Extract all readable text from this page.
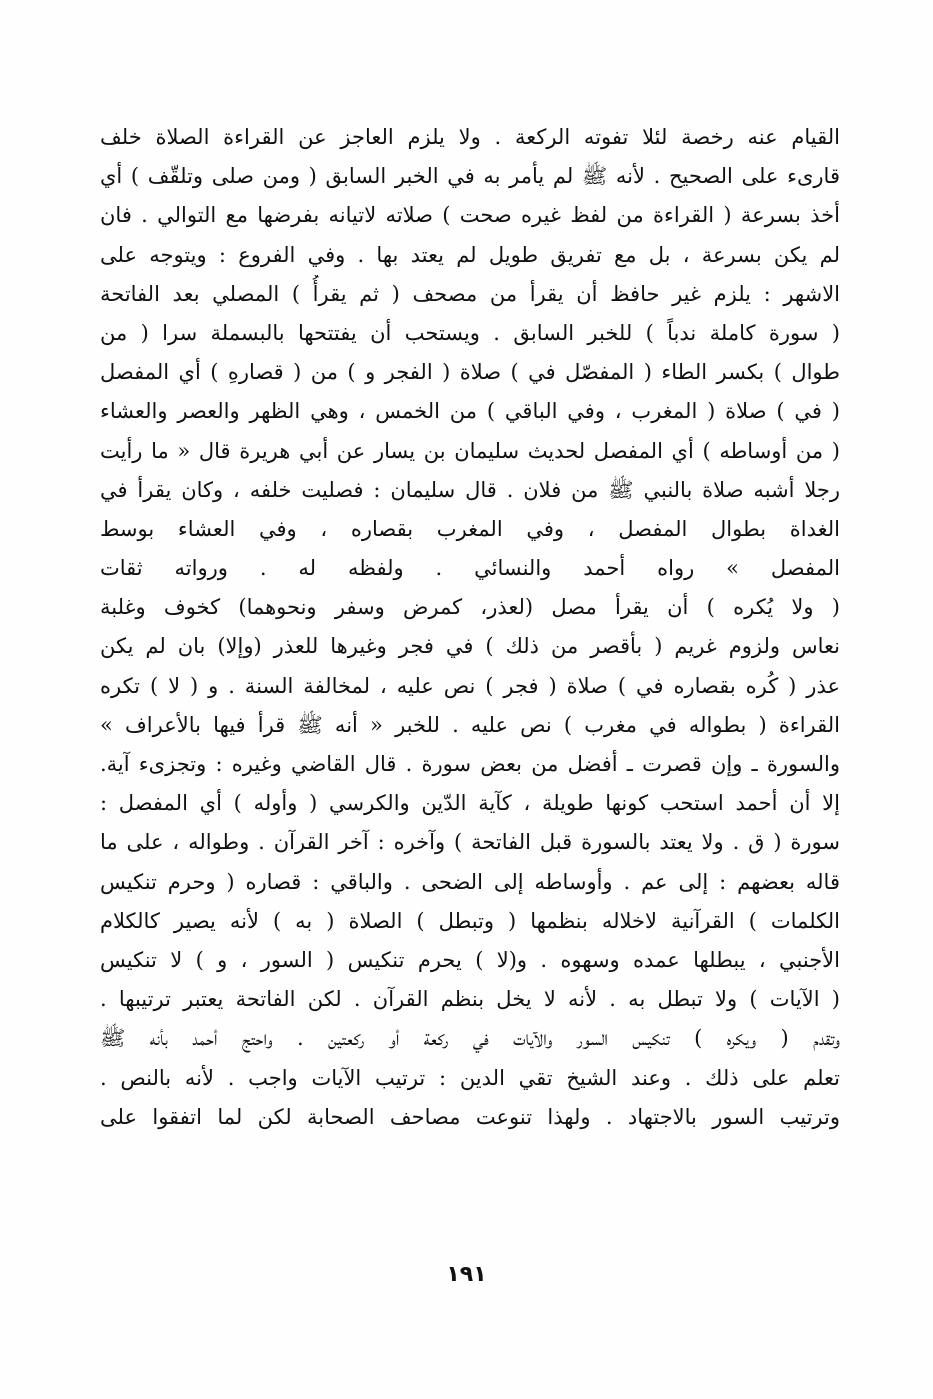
القيام عنه رخصة لئلا تفوته الركعة . ولا يلزم العاجز عن القراءة الصلاة خلف
قارىء على الصحيح . لأنه ﷺ لم يأمر به في الخبر السابق ( ومن صلى وتلقّف ) أي
أخذ بسرعة ( القراءة من لفظ غيره صحت ) صلاته لاتيانه بفرضها مع التوالي . فان
لم يكن بسرعة ، بل مع تفريق طويل لم يعتد بها . وفي الفروع : ويتوجه على
الاشهر : يلزم غير حافظ أن يقرأ من مصحف ( ثم يقرأُ ) المصلي بعد الفاتحة
( سورة كاملة ندباً ) للخبر السابق . ويستحب أن يفتتحها بالبسملة سرا ( من
طوال ) بكسر الطاء ( المفصّل في ) صلاة ( الفجر و ) من ( قصارهِ ) أي المفصل
( في ) صلاة ( المغرب ، وفي الباقي ) من الخمس ، وهي الظهر والعصر والعشاء
( من أوساطه ) أي المفصل لحديث سليمان بن يسار عن أبي هريرة قال « ما رأيت
رجلا أشبه صلاة بالنبي ﷺ من فلان . قال سليمان : فصليت خلفه ، وكان يقرأ في
الغداة بطوال المفصل ، وفي المغرب بقصاره ، وفي العشاء بوسط
المفصل » رواه أحمد والنسائي . ولفظه له . ورواته ثقات
( ولا يُكره ) أن يقرأ مصل (لعذر، كمرض وسفر ونحوهما) كخوف وغلبة
نعاس ولزوم غريم ( بأقصر من ذلك ) في فجر وغيرها للعذر (وإلا) بان لم يكن
عذر ( كُره بقصاره في ) صلاة ( فجر ) نص عليه ، لمخالفة السنة . و ( لا ) تكره
القراءة ( بطواله في مغرب ) نص عليه . للخبر « أنه ﷺ قرأ فيها بالأعراف »
والسورة ـ وإن قصرت ـ أفضل من بعض سورة . قال القاضي وغيره : وتجزىء آية.
إلا أن أحمد استحب كونها طويلة ، كآية الدّين والكرسي ( وأوله ) أي المفصل :
سورة ( ق . ولا يعتد بالسورة قبل الفاتحة ) وآخره : آخر القرآن . وطواله ، على ما
قاله بعضهم : إلى عم . وأوساطه إلى الضحى . والباقي : قصاره ( وحرم تنكيس
الكلمات ) القرآنية لاخلاله بنظمها ( وتبطل ) الصلاة ( به ) لأنه يصير كالكلام
الأجنبي ، يبطلها عمده وسهوه . و(لا ) يحرم تنكيس ( السور ، و ) لا تنكيس
( الآيات ) ولا تبطل به . لأنه لا يخل بنظم القرآن . لكن الفاتحة يعتبر ترتيبها .
وتقدم ( ويكره ) تنكيس السور والآيات في ركعة أو ركعتين . واحتج أحمد بأنه ﷺ
تعلم على ذلك . وعند الشيخ تقي الدين : ترتيب الآيات واجب . لأنه بالنص .
وترتيب السور بالاجتهاد . ولهذا تنوعت مصاحف الصحابة لكن لما اتفقوا على
١٩١
